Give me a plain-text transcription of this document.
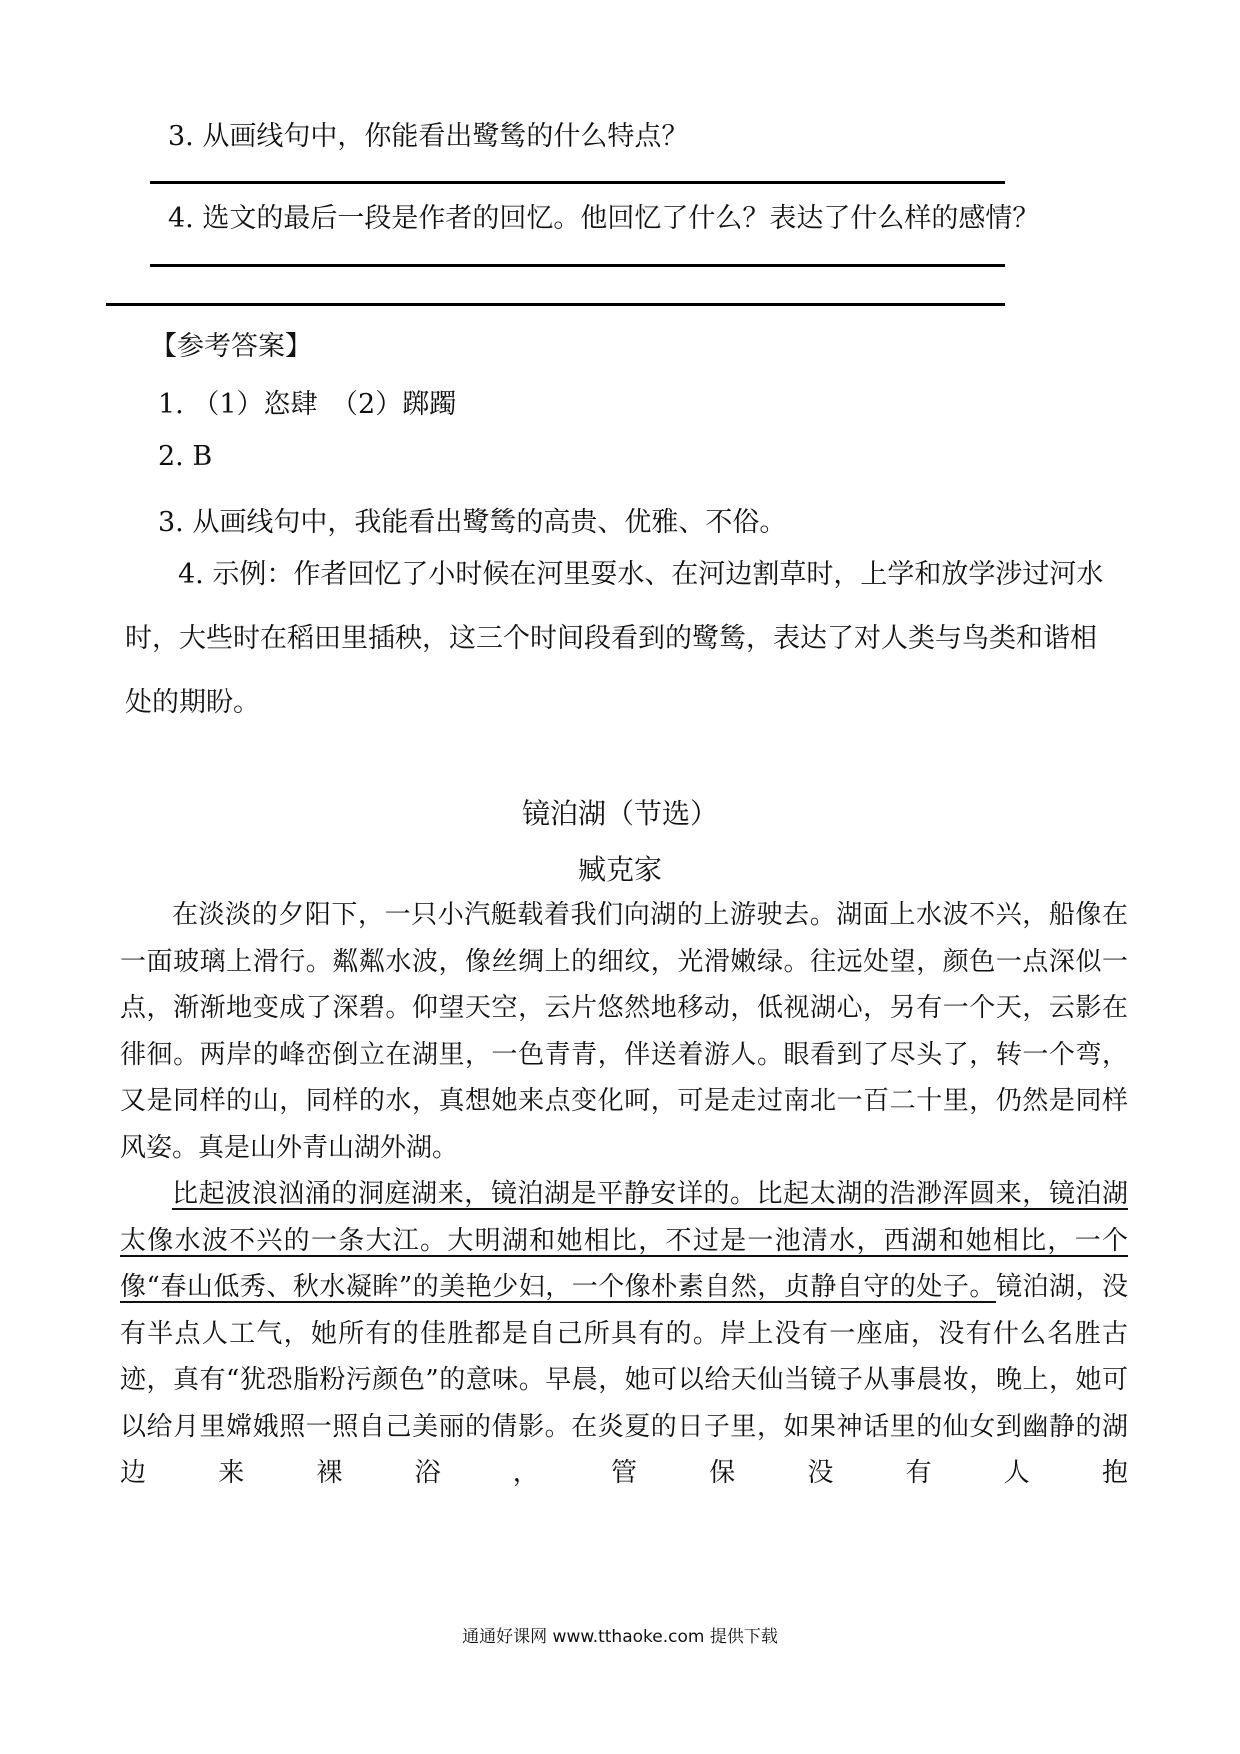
3. 从画线句中，你能看出鹭鸶的什么特点？
4. 选文的最后一段是作者的回忆。他回忆了什么？表达了什么样的感情？
【参考答案】
1. （1）恣肆　（2）踯躅
2. B
3. 从画线句中，我能看出鹭鸶的高贵、优雅、不俗。
4. 示例：作者回忆了小时候在河里耍水、在河边割草时，上学和放学涉过河水时，大些时在稻田里插秧，这三个时间段看到的鹭鸶，表达了对人类与鸟类和谐相处的期盼。
镜泊湖（节选）
臧克家

在淡淡的夕阳下，一只小汽艇载着我们向湖的上游驶去。湖面上水波不兴，船像在一面玻璃上滑行。粼粼水波，像丝绸上的细纹，光滑嫩绿。往远处望，颜色一点深似一点，渐渐地变成了深碧。仰望天空，云片悠然地移动，低视湖心，另有一个天，云影在徘徊。两岸的峰峦倒立在湖里，一色青青，伴送着游人。眼看到了尽头了，转一个弯，又是同样的山，同样的水，真想她来点变化呵，可是走过南北一百二十里，仍然是同样风姿。真是山外青山湖外湖。

比起波浪汹涌的洞庭湖来，镜泊湖是平静安详的。比起太湖的浩渺浑圆来，镜泊湖太像水波不兴的一条大江。大明湖和她相比，不过是一池清水，西湖和她相比，一个像“春山低秀、秋水凝眸”的美艳少妇，一个像朴素自然，贞静自守的处子。镜泊湖，没有半点人工气，她所有的佳胜都是自己所具有的。岸上没有一座庙，没有什么名胜古迹，真有“犹恐脂粉污颜色”的意味。早晨，她可以给天仙当镜子从事晨妆，晚上，她可以给月里嫦娥照一照自己美丽的倩影。在炎夏的日子里，如果神话里的仙女到幽静的湖边来裸浴，管保没有人抱

通通好课网 www.tthaoke.com 提供下载
